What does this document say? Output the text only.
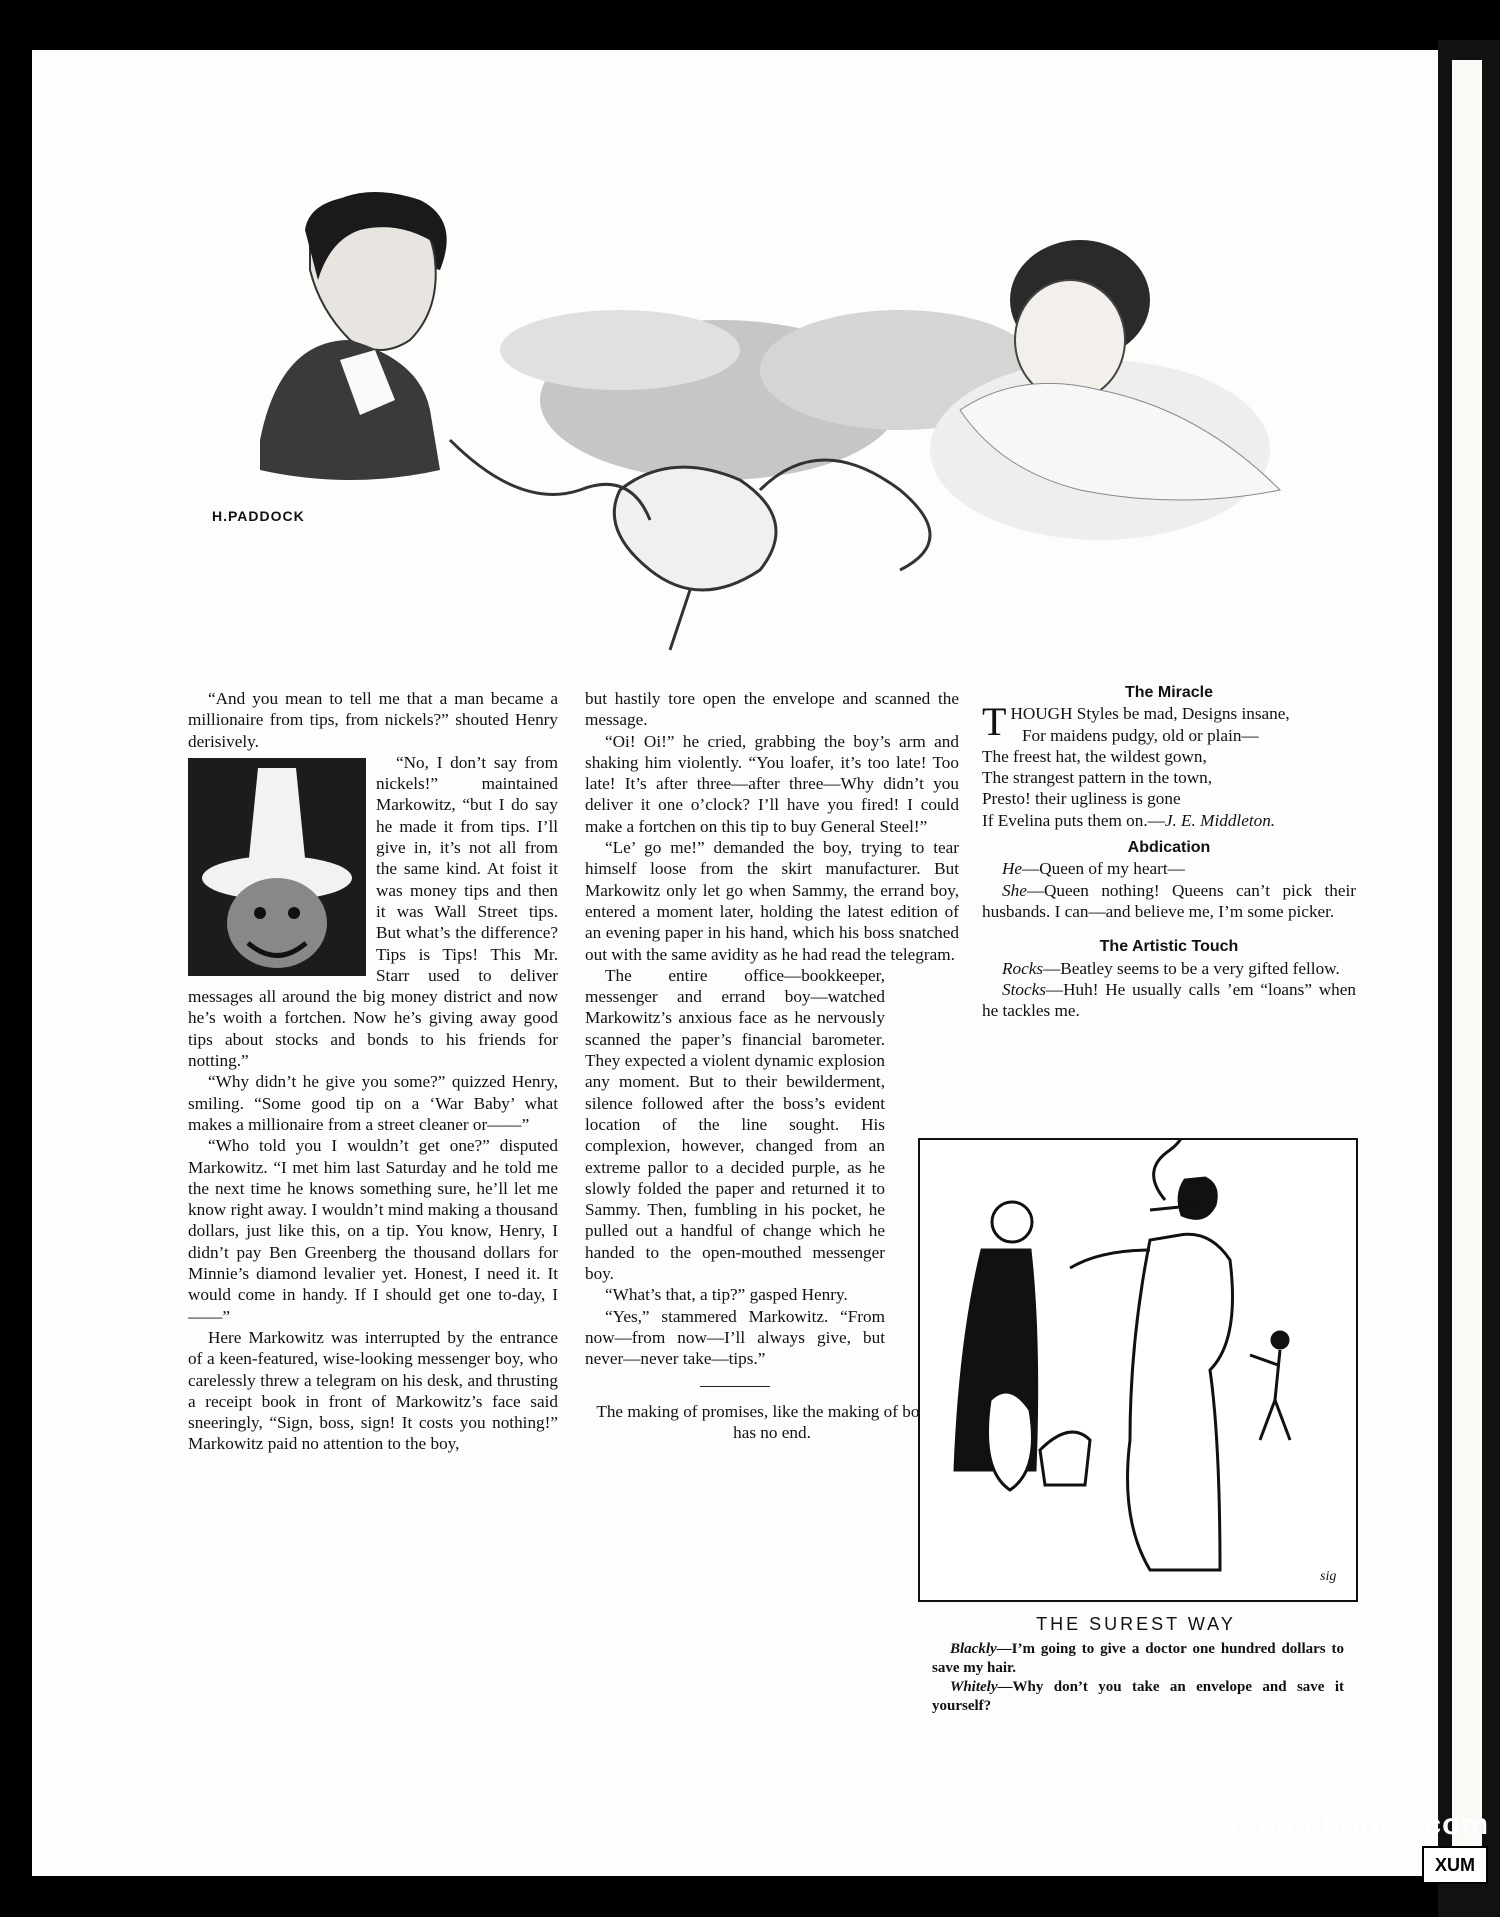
H.PADDOCK

“And you mean to tell me that a man became a millionaire from tips, from nickels?” shouted Henry derisively.

“No, I don’t say from nickels!” maintained Markowitz, “but I do say he made it from tips. I’ll give in, it’s not all from the same kind. At foist it was money tips and then it was Wall Street tips. But what’s the difference? Tips is Tips! This Mr. Starr used to deliver messages all around the big money district and now he’s woith a fortchen. Now he’s giving away good tips about stocks and bonds to his friends for notting.”

“Why didn’t he give you some?” quizzed Henry, smiling. “Some good tip on a ‘War Baby’ what makes a millionaire from a street cleaner or——”

“Who told you I wouldn’t get one?” disputed Markowitz. “I met him last Saturday and he told me the next time he knows something sure, he’ll let me know right away. I wouldn’t mind making a thousand dollars, just like this, on a tip. You know, Henry, I didn’t pay Ben Greenberg the thousand dollars for Minnie’s diamond levalier yet. Honest, I need it. It would come in handy. If I should get one to-day, I——”

Here Markowitz was interrupted by the entrance of a keen-featured, wise-looking messenger boy, who carelessly threw a telegram on his desk, and thrusting a receipt book in front of Markowitz’s face said sneeringly, “Sign, boss, sign! It costs you nothing!” Markowitz paid no attention to the boy,

but hastily tore open the envelope and scanned the message.

“Oi! Oi!” he cried, grabbing the boy’s arm and shaking him violently. “You loafer, it’s too late! Too late! It’s after three—after three—Why didn’t you deliver it one o’clock? I’ll have you fired! I could make a fortchen on this tip to buy General Steel!”

“Le’ go me!” demanded the boy, trying to tear himself loose from the skirt manufacturer. But Markowitz only let go when Sammy, the errand boy, entered a moment later, holding the latest edition of an evening paper in his hand, which his boss snatched out with the same avidity as he had read the telegram.

The entire office—bookkeeper, messenger and errand boy—watched Markowitz’s anxious face as he nervously scanned the paper’s financial barometer. They expected a violent dynamic explosion any moment. But to their bewilderment, silence followed after the boss’s evident location of the line sought. His complexion, however, changed from an extreme pallor to a decided purple, as he slowly folded the paper and returned it to Sammy. Then, fumbling in his pocket, he pulled out a handful of change which he handed to the open-mouthed messenger boy.

“What’s that, a tip?” gasped Henry.

“Yes,” stammered Markowitz. “From now—from now—I’ll always give, but never—never take—tips.”

The making of promises, like the making of books, has no end.

The Miracle

T HOUGH Styles be mad, Designs insane,
For maidens pudgy, old or plain—
The freest hat, the wildest gown,
The strangest pattern in the town,
Presto! their ugliness is gone
If Evelina puts them on.—J. E. Middleton.

Abdication

He—Queen of my heart—

She—Queen nothing! Queens can’t pick their husbands. I can—and believe me, I’m some picker.

The Artistic Touch

Rocks—Beatley seems to be a very gifted fellow.

Stocks—Huh! He usually calls ’em “loans” when he tackles me.

sig
THE SUREST WAY

Blackly—I’m going to give a doctor one hundred dollars to save my hair.

Whitely—Why don’t you take an envelope and save it yourself?

comicbooks.com
XUM
